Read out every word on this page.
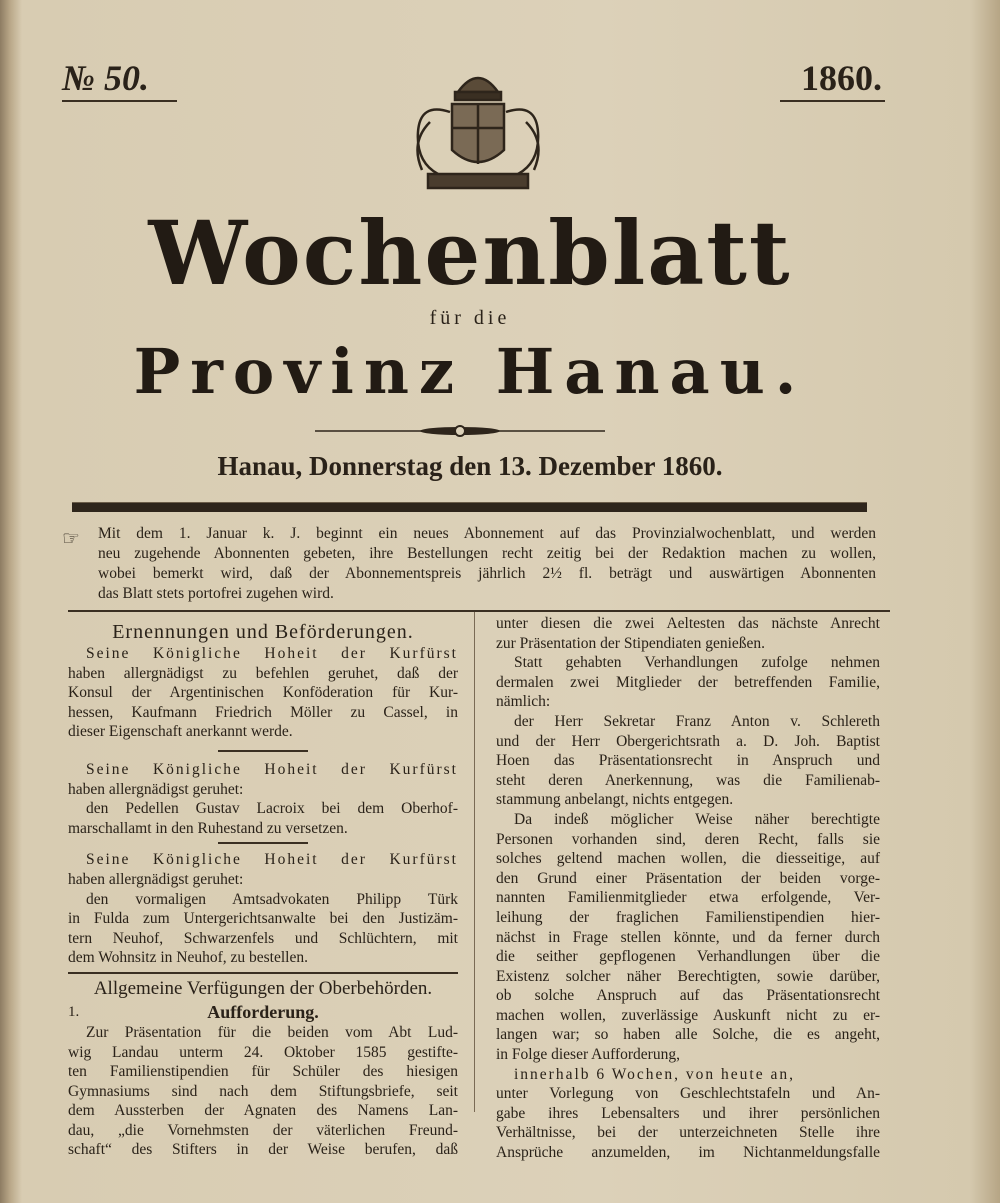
№ 50.	1860.
Wochenblatt
für die
Provinz Hanau.
Hanau, Donnerstag den 13. Dezember 1860.
☞ Mit dem 1. Januar k. J. beginnt ein neues Abonnement auf das Provinzialwochenblatt, und werden
neu zugehende Abonnenten gebeten, ihre Bestellungen recht zeitig bei der Redaktion machen zu wollen,
wobei bemerkt wird, daß der Abonnementspreis jährlich 2½ fl. beträgt und auswärtigen Abonnenten
das Blatt stets portofrei zugehen wird.
Ernennungen und Beförderungen.
Seine Königliche Hoheit der Kurfürst
haben allergnädigst zu befehlen geruhet, daß der
Konsul der Argentinischen Konföderation für Kur-
hessen, Kaufmann Friedrich Möller zu Cassel, in
dieser Eigenschaft anerkannt werde.
Seine Königliche Hoheit der Kurfürst
haben allergnädigst geruhet:
den Pedellen Gustav Lacroix bei dem Oberhof-
marschallamt in den Ruhestand zu versetzen.
Seine Königliche Hoheit der Kurfürst
haben allergnädigst geruhet:
den vormaligen Amtsadvokaten Philipp Türk
in Fulda zum Untergerichtsanwalte bei den Justizäm-
tern Neuhof, Schwarzenfels und Schlüchtern, mit
dem Wohnsitz in Neuhof, zu bestellen.
Allgemeine Verfügungen der Oberbehörden.
1.	Aufforderung.
Zur Präsentation für die beiden vom Abt Lud-
wig Landau unterm 24. Oktober 1585 gestifte-
ten Familienstipendien für Schüler des hiesigen
Gymnasiums sind nach dem Stiftungsbriefe, seit
dem Aussterben der Agnaten des Namens Lan-
dau, „die Vornehmsten der väterlichen Freund-
schaft“ des Stifters in der Weise berufen, daß
unter diesen die zwei Aeltesten das nächste Anrecht
zur Präsentation der Stipendiaten genießen.
Statt gehabten Verhandlungen zufolge nehmen
dermalen zwei Mitglieder der betreffenden Familie,
nämlich:
der Herr Sekretar Franz Anton v. Schlereth
und der Herr Obergerichtsrath a. D. Joh. Baptist
Hoen das Präsentationsrecht in Anspruch und
steht deren Anerkennung, was die Familienab-
stammung anbelangt, nichts entgegen.
Da indeß möglicher Weise näher berechtigte
Personen vorhanden sind, deren Recht, falls sie
solches geltend machen wollen, die diesseitige, auf
den Grund einer Präsentation der beiden vorge-
nannten Familienmitglieder etwa erfolgende, Ver-
leihung der fraglichen Familienstipendien hier-
nächst in Frage stellen könnte, und da ferner durch
die seither gepflogenen Verhandlungen über die
Existenz solcher näher Berechtigten, sowie darüber,
ob solche Anspruch auf das Präsentationsrecht
machen wollen, zuverlässige Auskunft nicht zu er-
langen war; so haben alle Solche, die es angeht,
in Folge dieser Aufforderung,
innerhalb 6 Wochen, von heute an,
unter Vorlegung von Geschlechtstafeln und An-
gabe ihres Lebensalters und ihrer persönlichen
Verhältnisse, bei der unterzeichneten Stelle ihre
Ansprüche anzumelden, im Nichtanmeldungsfalle
